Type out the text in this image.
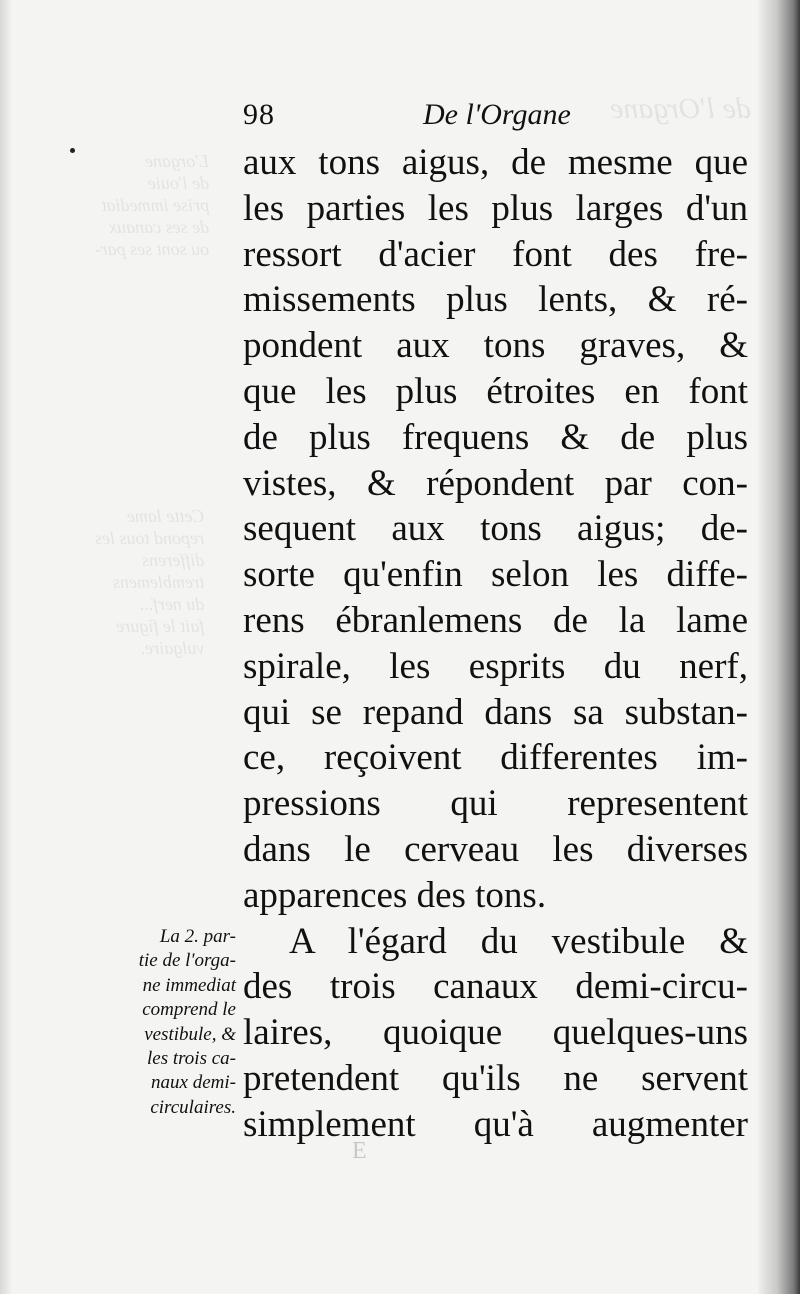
L'organe
de l'ouie
prise immediat
de ses canaux
ou sont ses par-
Cette lame
repond tous les
differens
tremblemens
du nerf...
fait le figure
vulgaire.
de l'Organe
98	De l'Organe
aux tons aigus, de mesme que
les parties les plus larges d'un
ressort d'acier font des fre-
missements plus lents, & ré-
pondent aux tons graves, &
que les plus étroites en font
de plus frequens & de plus
vistes, & répondent par con-
sequent aux tons aigus; de-
sorte qu'enfin selon les diffe-
rens ébranlemens de la lame
spirale, les esprits du nerf,
qui se repand dans sa substan-
ce, reçoivent differentes im-
pressions qui representent
dans le cerveau les diverses
apparences des tons.
A l'égard du vestibule &
des trois canaux demi-circu-
laires, quoique quelques-uns
pretendent qu'ils ne servent
simplement qu'à augmenter
La 2. par-
tie de l'orga-
ne immediat
comprend le
vestibule, &
les trois ca-
naux demi-
circulaires.
E
